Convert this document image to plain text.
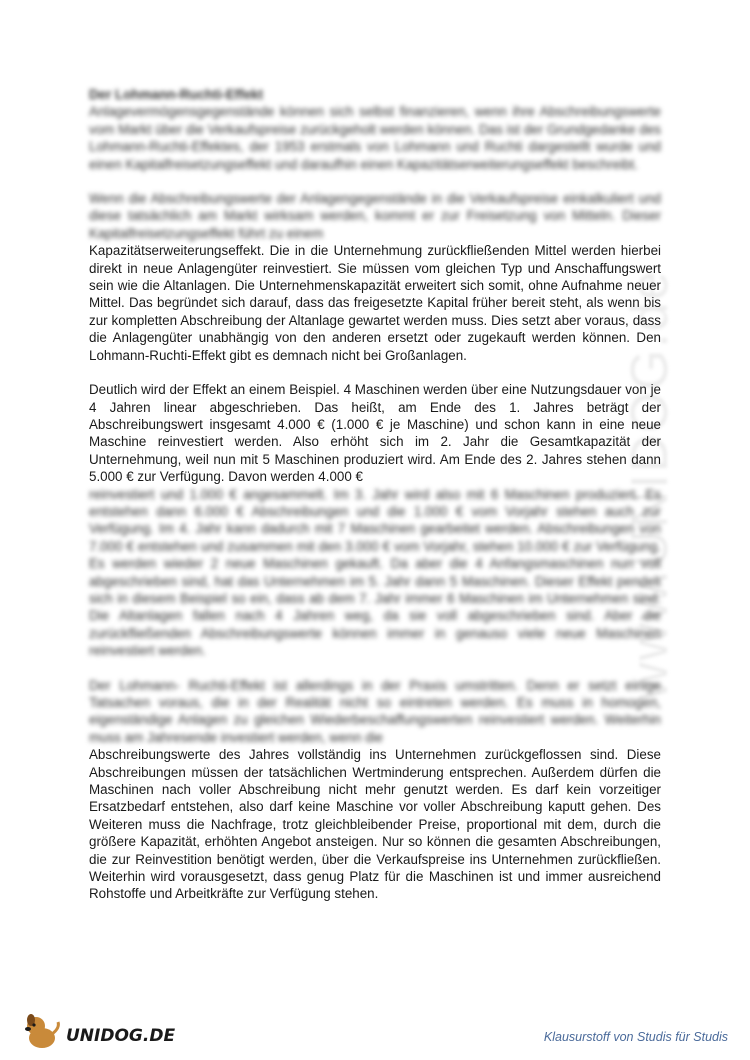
www.UNIDOG.de

Der Lohmann-Ruchti-Effekt

Anlagevermögensgegenstände können sich selbst finanzieren, wenn ihre Abschreibungswerte vom Markt über die Verkaufspreise zurückgeholt werden können. Das ist der Grundgedanke des Lohmann-Ruchti-Effektes, der 1953 erstmals von Lohmann und Ruchti dargestellt wurde und einen Kapitalfreisetzungseffekt und daraufhin einen Kapazitätserweiterungseffekt beschreibt.

Wenn die Abschreibungswerte der Anlagengegenstände in die Verkaufspreise einkalkuliert und diese tatsächlich am Markt wirksam werden, kommt er zur Freisetzung von Mitteln. Dieser Kapitalfreisetzungseffekt führt zu einem

Kapazitätserweiterungseffekt. Die in die Unternehmung zurückfließenden Mittel werden hierbei direkt in neue Anlagengüter reinvestiert. Sie müssen vom gleichen Typ und Anschaffungswert sein wie die Altanlagen. Die Unternehmenskapazität erweitert sich somit, ohne Aufnahme neuer Mittel. Das begründet sich darauf, dass das freigesetzte Kapital früher bereit steht, als wenn bis zur kompletten Abschreibung der Altanlage gewartet werden muss. Dies setzt aber voraus, dass die Anlagengüter unabhängig von den anderen ersetzt oder zugekauft werden können. Den Lohmann-Ruchti-Effekt gibt es demnach nicht bei Großanlagen.

Deutlich wird der Effekt an einem Beispiel. 4 Maschinen werden über eine Nutzungsdauer von je 4 Jahren linear abgeschrieben. Das heißt, am Ende des 1. Jahres beträgt der Abschreibungswert insgesamt 4.000 € (1.000 € je Maschine) und schon kann in eine neue Maschine reinvestiert werden. Also erhöht sich im 2. Jahr die Gesamtkapazität der Unternehmung, weil nun mit 5 Maschinen produziert wird. Am Ende des 2. Jahres stehen dann 5.000 € zur Verfügung. Davon werden 4.000 €

reinvestiert und 1.000 € angesammelt. Im 3. Jahr wird also mit 6 Maschinen produziert. Es entstehen dann 6.000 € Abschreibungen und die 1.000 € vom Vorjahr stehen auch zur Verfügung. Im 4. Jahr kann dadurch mit 7 Maschinen gearbeitet werden. Abschreibungen von 7.000 € entstehen und zusammen mit den 3.000 € vom Vorjahr, stehen 10.000 € zur Verfügung. Es werden wieder 2 neue Maschinen gekauft. Da aber die 4 Anfangsmaschinen nun voll abgeschrieben sind, hat das Unternehmen im 5. Jahr dann 5 Maschinen. Dieser Effekt pendelt sich in diesem Beispiel so ein, dass ab dem 7. Jahr immer 6 Maschinen im Unternehmen sind. Die Altanlagen fallen nach 4 Jahren weg, da sie voll abgeschrieben sind. Aber die zurückfließenden Abschreibungswerte können immer in genauso viele neue Maschinen reinvestiert werden.

Der Lohmann- Ruchti-Effekt ist allerdings in der Praxis umstritten. Denn er setzt einige Tatsachen voraus, die in der Realität nicht so eintreten werden. Es muss in homogen, eigenständige Anlagen zu gleichen Wiederbeschaffungswerten reinvestiert werden. Weiterhin muss am Jahresende investiert werden, wenn die

Abschreibungswerte des Jahres vollständig ins Unternehmen zurückgeflossen sind. Diese Abschreibungen müssen der tatsächlichen Wertminderung entsprechen. Außerdem dürfen die Maschinen nach voller Abschreibung nicht mehr genutzt werden. Es darf kein vorzeitiger Ersatzbedarf entstehen, also darf keine Maschine vor voller Abschreibung kaputt gehen. Des Weiteren muss die Nachfrage, trotz gleichbleibender Preise, proportional mit dem, durch die größere Kapazität, erhöhten Angebot ansteigen. Nur so können die gesamten Abschreibungen, die zur Reinvestition benötigt werden, über die Verkaufspreise ins Unternehmen zurückfließen. Weiterhin wird vorausgesetzt, dass genug Platz für die Maschinen ist und immer ausreichend Rohstoffe und Arbeitkräfte zur Verfügung stehen.

UNIDOG.DE	Klausurstoff von Studis für Studis
